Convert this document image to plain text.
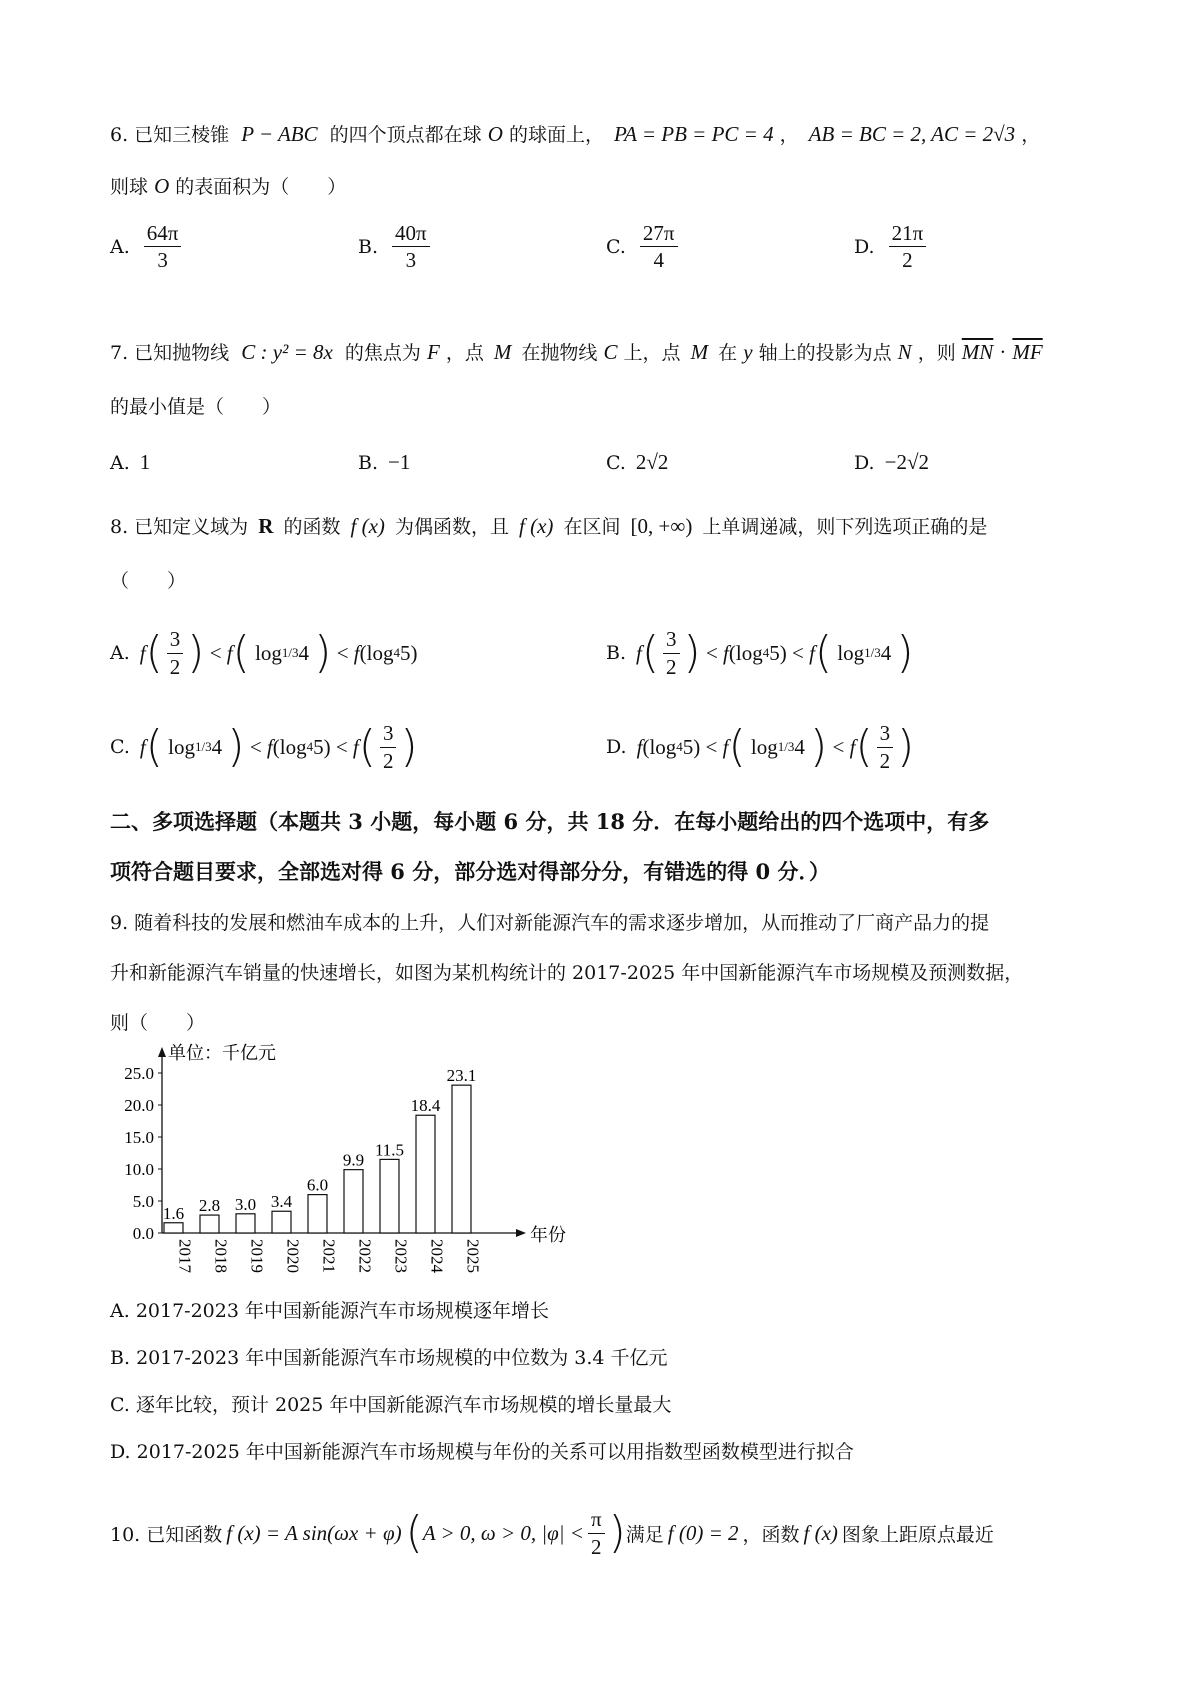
6. 已知三棱锥 P − ABC 的四个顶点都在球 O 的球面上， PA = PB = PC = 4 ， AB = BC = 2, AC = 2√3 ，
则球 O 的表面积为（　　）
A. $\frac{64\pi}{3}$	B. $\frac{40\pi}{3}$	C. $\frac{27\pi}{4}$	D. $\frac{21\pi}{2}$
7. 已知抛物线 C : y² = 8x 的焦点为 F ，点 M 在抛物线 C 上，点 M 在 y 轴上的投影为点 N ，则 $\overline{MN} \cdot \overline{MF}$
的最小值是（　　）
A. 1	B. −1	C. 2√2	D. −2√2
8. 已知定义域为 R 的函数 f (x) 为偶函数，且 f (x) 在区间 [0, +∞) 上单调递减，则下列选项正确的是
（　　）
A. f ( $\frac{3}{2}$ ) < f ( log 1/3 4 ) < f (log 4 5)	B. f ( $\frac{3}{2}$ ) < f (log 4 5) < f ( log 1/3 4 )
C. f ( log 1/3 4 ) < f (log 4 5) < f ( $\frac{3}{2}$ )	D. f (log 4 5) < f ( log 1/3 4 ) < f ( $\frac{3}{2}$ )
二、多项选择题（本题共 3 小题，每小题 6 分，共 18 分．在每小题给出的四个选项中，有多
项符合题目要求，全部选对得 6 分，部分选对得部分分，有错选的得 0 分．）
9. 随着科技的发展和燃油车成本的上升，人们对新能源汽车的需求逐步增加，从而推动了厂商产品力的提
升和新能源汽车销量的快速增长，如图为某机构统计的 2017-2025 年中国新能源汽车市场规模及预测数据，
则（　　）
单位：千亿元
年份
0.0
5.0
10.0
15.0
20.0
25.0
1.6
2017
2.8
2018
3.0
2019
3.4
2020
6.0
2021
9.9
2022
11.5
2023
18.4
2024
23.1
2025
A. 2017-2023 年中国新能源汽车市场规模逐年增长
B. 2017-2023 年中国新能源汽车市场规模的中位数为 3.4 千亿元
C. 逐年比较，预计 2025 年中国新能源汽车市场规模的增长量最大
D. 2017-2025 年中国新能源汽车市场规模与年份的关系可以用指数型函数模型进行拟合
10. 已知函数 f (x) = A sin(ωx + φ) ( A > 0, ω > 0, $|\varphi| < \frac{\pi}{2}$ ) 满足 f (0) = 2 ，函数 f (x) 图象上距原点最近
